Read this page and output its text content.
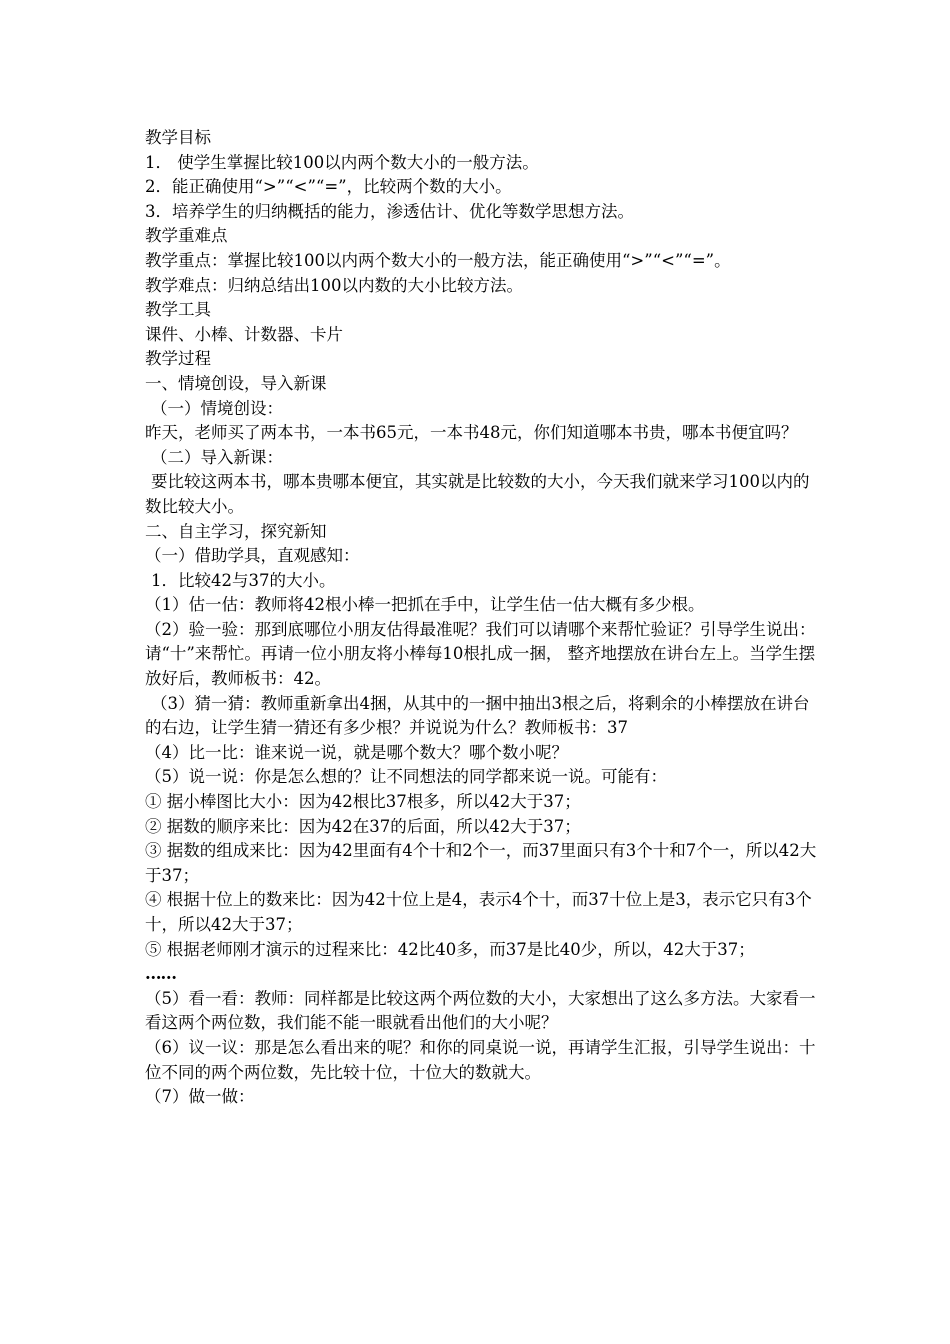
教学目标

1． 使学生掌握比较100以内两个数大小的一般方法。

2．能正确使用“>”“<”“=”，比较两个数的大小。

3．培养学生的归纳概括的能力，渗透估计、优化等数学思想方法。

教学重难点

教学重点：掌握比较100以内两个数大小的一般方法，能正确使用“>”“<”“=”。

教学难点：归纳总结出100以内数的大小比较方法。

教学工具

课件、小棒、计数器、卡片

教学过程

一、情境创设，导入新课

（一）情境创设：

昨天，老师买了两本书，一本书65元，一本书48元，你们知道哪本书贵，哪本书便宜吗？

（二）导入新课：

要比较这两本书，哪本贵哪本便宜，其实就是比较数的大小，今天我们就来学习100以内的数比较大小。

二、自主学习，探究新知

（一）借助学具，直观感知：

1．比较42与37的大小。

（1）估一估：教师将42根小棒一把抓在手中，让学生估一估大概有多少根。

（2）验一验：那到底哪位小朋友估得最准呢？我们可以请哪个来帮忙验证？引导学生说出：请“十”来帮忙。再请一位小朋友将小棒每10根扎成一捆， 整齐地摆放在讲台左上。当学生摆放好后，教师板书：42。

（3）猜一猜：教师重新拿出4捆，从其中的一捆中抽出3根之后，将剩余的小棒摆放在讲台的右边，让学生猜一猜还有多少根？并说说为什么？教师板书：37

（4）比一比：谁来说一说，就是哪个数大？哪个数小呢？

（5）说一说：你是怎么想的？让不同想法的同学都来说一说。可能有：

① 据小棒图比大小：因为42根比37根多，所以42大于37；

② 据数的顺序来比：因为42在37的后面，所以42大于37；

③ 据数的组成来比：因为42里面有4个十和2个一，而37里面只有3个十和7个一，所以42大于37；

④ 根据十位上的数来比：因为42十位上是4，表示4个十，而37十位上是3，表示它只有3个十，所以42大于37；

⑤ 根据老师刚才演示的过程来比：42比40多，而37是比40少，所以，42大于37；

……

（5）看一看：教师：同样都是比较这两个两位数的大小，大家想出了这么多方法。大家看一看这两个两位数，我们能不能一眼就看出他们的大小呢？

（6）议一议：那是怎么看出来的呢？和你的同桌说一说，再请学生汇报，引导学生说出：十位不同的两个两位数，先比较十位，十位大的数就大。

（7）做一做：
